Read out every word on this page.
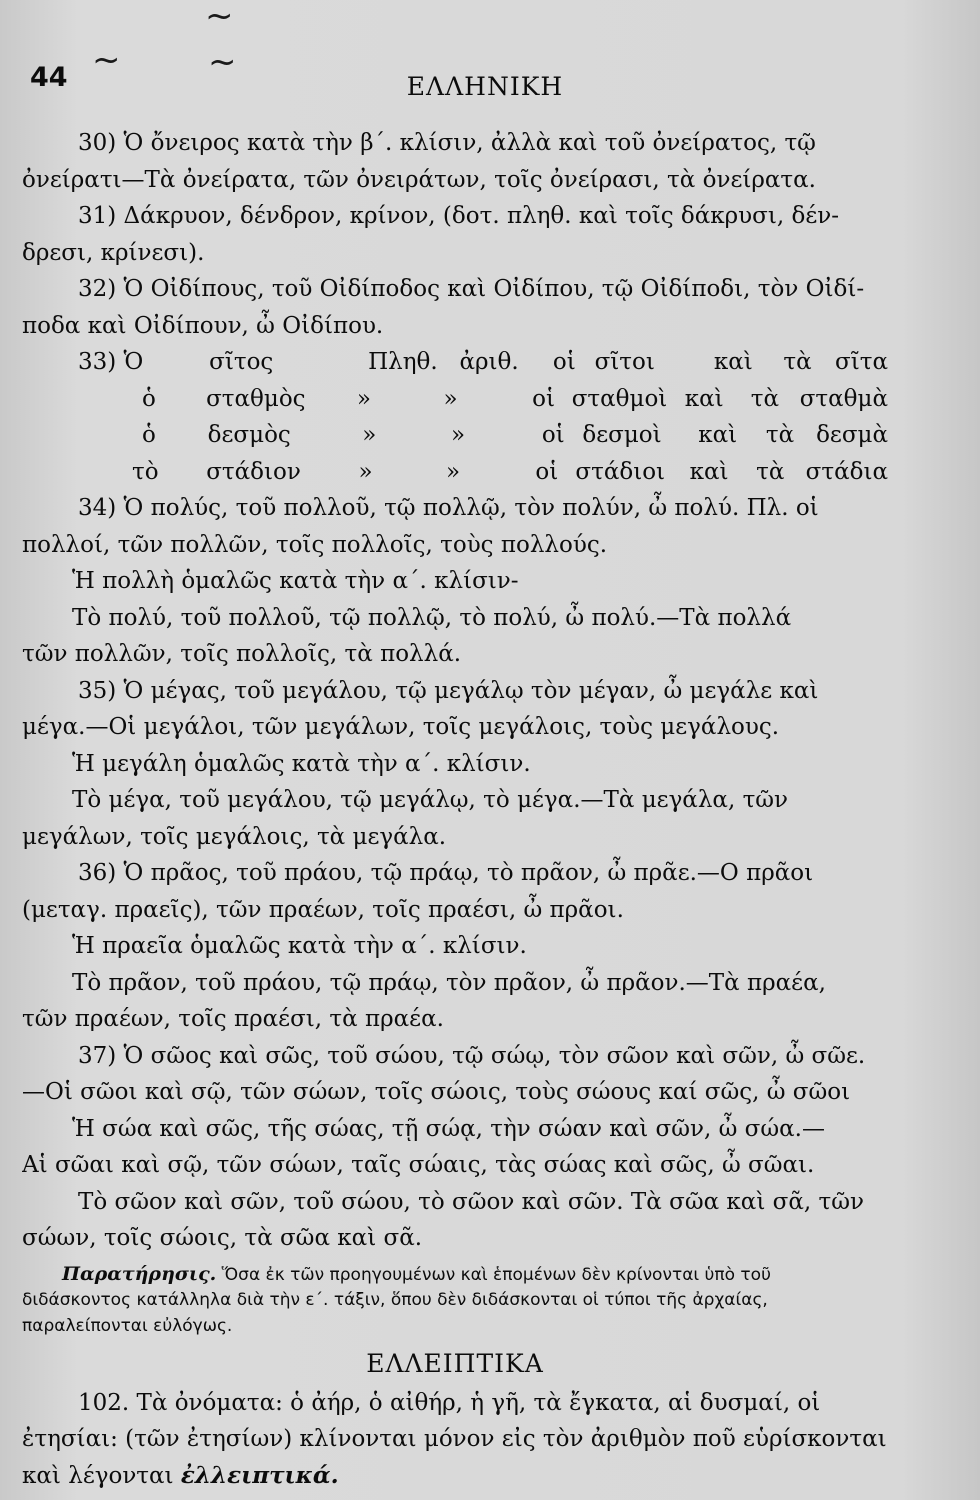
~
~	~
44	ΕΛΛΗΝΙΚΗ
30) Ὁ ὄνειρος κατὰ τὴν β΄. κλίσιν, ἀλλὰ καὶ τοῦ ὀνείρατος, τῷ
ὀνείρατι—Τὰ ὀνείρατα, τῶν ὀνειράτων, τοῖς ὀνείρασι, τὰ ὀνείρατα.
31) Δάκρυον, δένδρον, κρίνον, (δοτ. πληθ. καὶ τοῖς δάκρυσι, δέν-
δρεσι, κρίνεσι).
32) Ὁ Οἰδίπους, τοῦ Οἰδίποδος καὶ Οἰδίπου, τῷ Οἰδίποδι, τὸν Οἰδί-
ποδα καὶ Οἰδίπουν, ὦ Οἰδίπου.
33) Ὁ	σῖτος	Πληθ. ἀριθ.	οἱ σῖτοι	καὶ	τὰ	σῖτα
ὁ	σταθμὸς	»	»	οἱ σταθμοὶ καὶ	τὰ σταθμὰ
ὁ	δεσμὸς	»	»	οἱ δεσμοὶ	καὶ	τὰ δεσμὰ
τὸ	στάδιον	»	»	οἱ στάδιοι	καὶ	τὰ στάδια
34) Ὁ πολύς, τοῦ πολλοῦ, τῷ πολλῷ, τὸν πολύν, ὦ πολύ. Πλ. οἱ
πολλοί, τῶν πολλῶν, τοῖς πολλοῖς, τοὺς πολλούς.
Ἡ πολλὴ ὁμαλῶς κατὰ τὴν α΄. κλίσιν-
Τὸ πολύ, τοῦ πολλοῦ, τῷ πολλῷ, τὸ πολύ, ὦ πολύ.—Τὰ πολλά
τῶν πολλῶν, τοῖς πολλοῖς, τὰ πολλά.
35) Ὁ μέγας, τοῦ μεγάλου, τῷ μεγάλῳ τὸν μέγαν, ὦ μεγάλε καὶ
μέγα.—Οἱ μεγάλοι, τῶν μεγάλων, τοῖς μεγάλοις, τοὺς μεγάλους.
Ἡ μεγάλη ὁμαλῶς κατὰ τὴν α΄. κλίσιν.
Τὸ μέγα, τοῦ μεγάλου, τῷ μεγάλῳ, τὸ μέγα.—Τὰ μεγάλα, τῶν
μεγάλων, τοῖς μεγάλοις, τὰ μεγάλα.
36) Ὁ πρᾶος, τοῦ πράου, τῷ πράῳ, τὸ πρᾶον, ὦ πρᾶε.—Ο πρᾶοι
(μεταγ. πραεῖς), τῶν πραέων, τοῖς πραέσι, ὦ πρᾶοι.
Ἡ πραεῖα ὁμαλῶς κατὰ τὴν α΄. κλίσιν.
Τὸ πρᾶον, τοῦ πράου, τῷ πράῳ, τὸν πρᾶον, ὦ πρᾶον.—Τὰ πραέα,
τῶν πραέων, τοῖς πραέσι, τὰ πραέα.
37) Ὁ σῶος καὶ σῶς, τοῦ σώου, τῷ σώῳ, τὸν σῶον καὶ σῶν, ὦ σῶε.
—Οἱ σῶοι καὶ σῷ, τῶν σώων, τοῖς σώοις, τοὺς σώους καί σῶς, ὦ σῶοι
Ἡ σώα καὶ σῶς, τῆς σώας, τῇ σώᾳ, τὴν σώαν καὶ σῶν, ὦ σώα.—
Αἱ σῶαι καὶ σῷ, τῶν σώων, ταῖς σώαις, τὰς σώας καὶ σῶς, ὦ σῶαι.
Τὸ σῶον καὶ σῶν, τοῦ σώου, τὸ σῶον καὶ σῶν. Τὰ σῶα καὶ σᾶ, τῶν
σώων, τοῖς σώοις, τὰ σῶα καὶ σᾶ.
Παρατήρησις. Ὅσα ἐκ τῶν προηγουμένων καὶ ἑπομένων δὲν κρίνονται ὑπὸ τοῦ
διδάσκοντος κατάλληλα διὰ τὴν ε΄. τάξιν, ὅπου δὲν διδάσκονται οἱ τύποι τῆς ἀρχαίας,
παραλείπονται εὐλόγως.
ΕΛΛΕΙΠΤΙΚΑ
102. Τὰ ὀνόματα: ὁ ἀήρ, ὁ αἰθήρ, ἡ γῆ, τὰ ἔγκατα, αἱ δυσμαί, οἱ
ἐτησίαι: (τῶν ἐτησίων) κλίνονται μόνον εἰς τὸν ἀριθμὸν ποῦ εὑρίσκονται
καὶ λέγονται ἐλλειπτικά.
